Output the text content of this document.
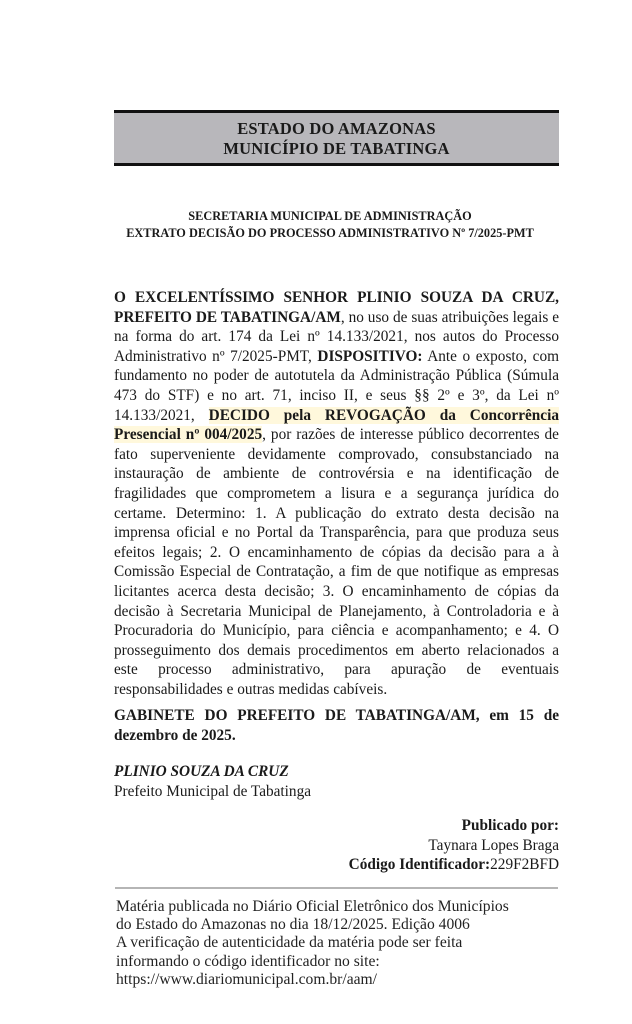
ESTADO DO AMAZONAS
MUNICÍPIO DE TABATINGA
SECRETARIA MUNICIPAL DE ADMINISTRAÇÃO
EXTRATO DECISÃO DO PROCESSO ADMINISTRATIVO Nº 7/2025-PMT
O EXCELENTÍSSIMO SENHOR PLINIO SOUZA DA CRUZ, PREFEITO DE TABATINGA/AM, no uso de suas atribuições legais e na forma do art. 174 da Lei nº 14.133/2021, nos autos do Processo Administrativo nº 7/2025-PMT, DISPOSITIVO: Ante o exposto, com fundamento no poder de autotutela da Administração Pública (Súmula 473 do STF) e no art. 71, inciso II, e seus §§ 2º e 3º, da Lei nº 14.133/2021, DECIDO pela REVOGAÇÃO da Concorrência Presencial nº 004/2025, por razões de interesse público decorrentes de fato superveniente devidamente comprovado, consubstanciado na instauração de ambiente de controvérsia e na identificação de fragilidades que comprometem a lisura e a segurança jurídica do certame. Determino: 1. A publicação do extrato desta decisão na imprensa oficial e no Portal da Transparência, para que produza seus efeitos legais; 2. O encaminhamento de cópias da decisão para a à Comissão Especial de Contratação, a fim de que notifique as empresas licitantes acerca desta decisão; 3. O encaminhamento de cópias da decisão à Secretaria Municipal de Planejamento, à Controladoria e à Procuradoria do Município, para ciência e acompanhamento; e 4. O prosseguimento dos demais procedimentos em aberto relacionados a este processo administrativo, para apuração de eventuais responsabilidades e outras medidas cabíveis.
GABINETE DO PREFEITO DE TABATINGA/AM, em 15 de dezembro de 2025.
PLINIO SOUZA DA CRUZ
Prefeito Municipal de Tabatinga
Publicado por:
Taynara Lopes Braga
Código Identificador:229F2BFD
Matéria publicada no Diário Oficial Eletrônico dos Municípios
do Estado do Amazonas no dia 18/12/2025. Edição 4006
A verificação de autenticidade da matéria pode ser feita
informando o código identificador no site:
https://www.diariomunicipal.com.br/aam/
